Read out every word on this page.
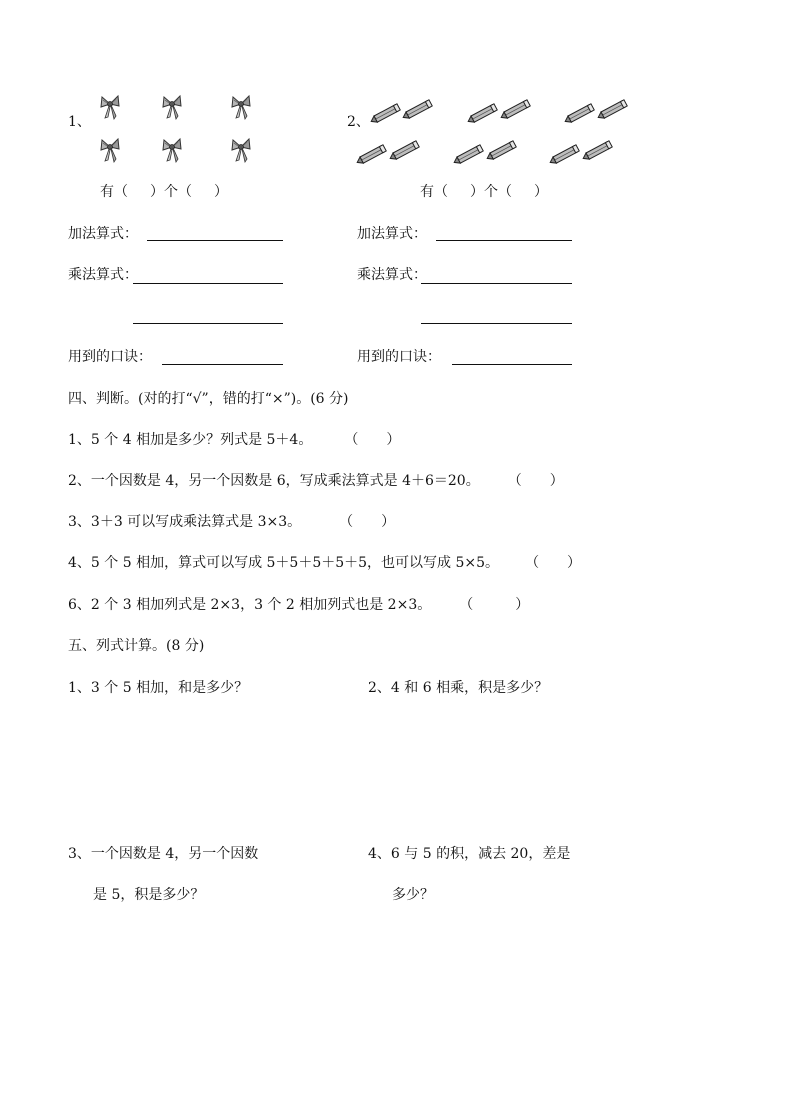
1、
有（ ）个（ ）
加法算式：
乘法算式：
用到的口诀：
2、
有（ ）个（ ）
加法算式：
乘法算式：
用到的口诀：
四、判断。(对的打“√”，错的打“×”)。(6 分)
1、5 个 4 相加是多少？列式是 5＋4。 （　　）
2、一个因数是 4，另一个因数是 6，写成乘法算式是 4＋6＝20。 （　　）
3、3＋3 可以写成乘法算式是 3×3。	（　　）
4、5 个 5 相加，算式可以写成 5＋5＋5＋5＋5，也可以写成 5×5。 （　　）
6、2 个 3 相加列式是 2×3，3 个 2 相加列式也是 2×3。 （　　　）
五、列式计算。(8 分)
1、3 个 5 相加，和是多少？	2、4 和 6 相乘，积是多少？
3、一个因数是 4，另一个因数
是 5，积是多少？
4、6 与 5 的积，减去 20，差是
多少？
